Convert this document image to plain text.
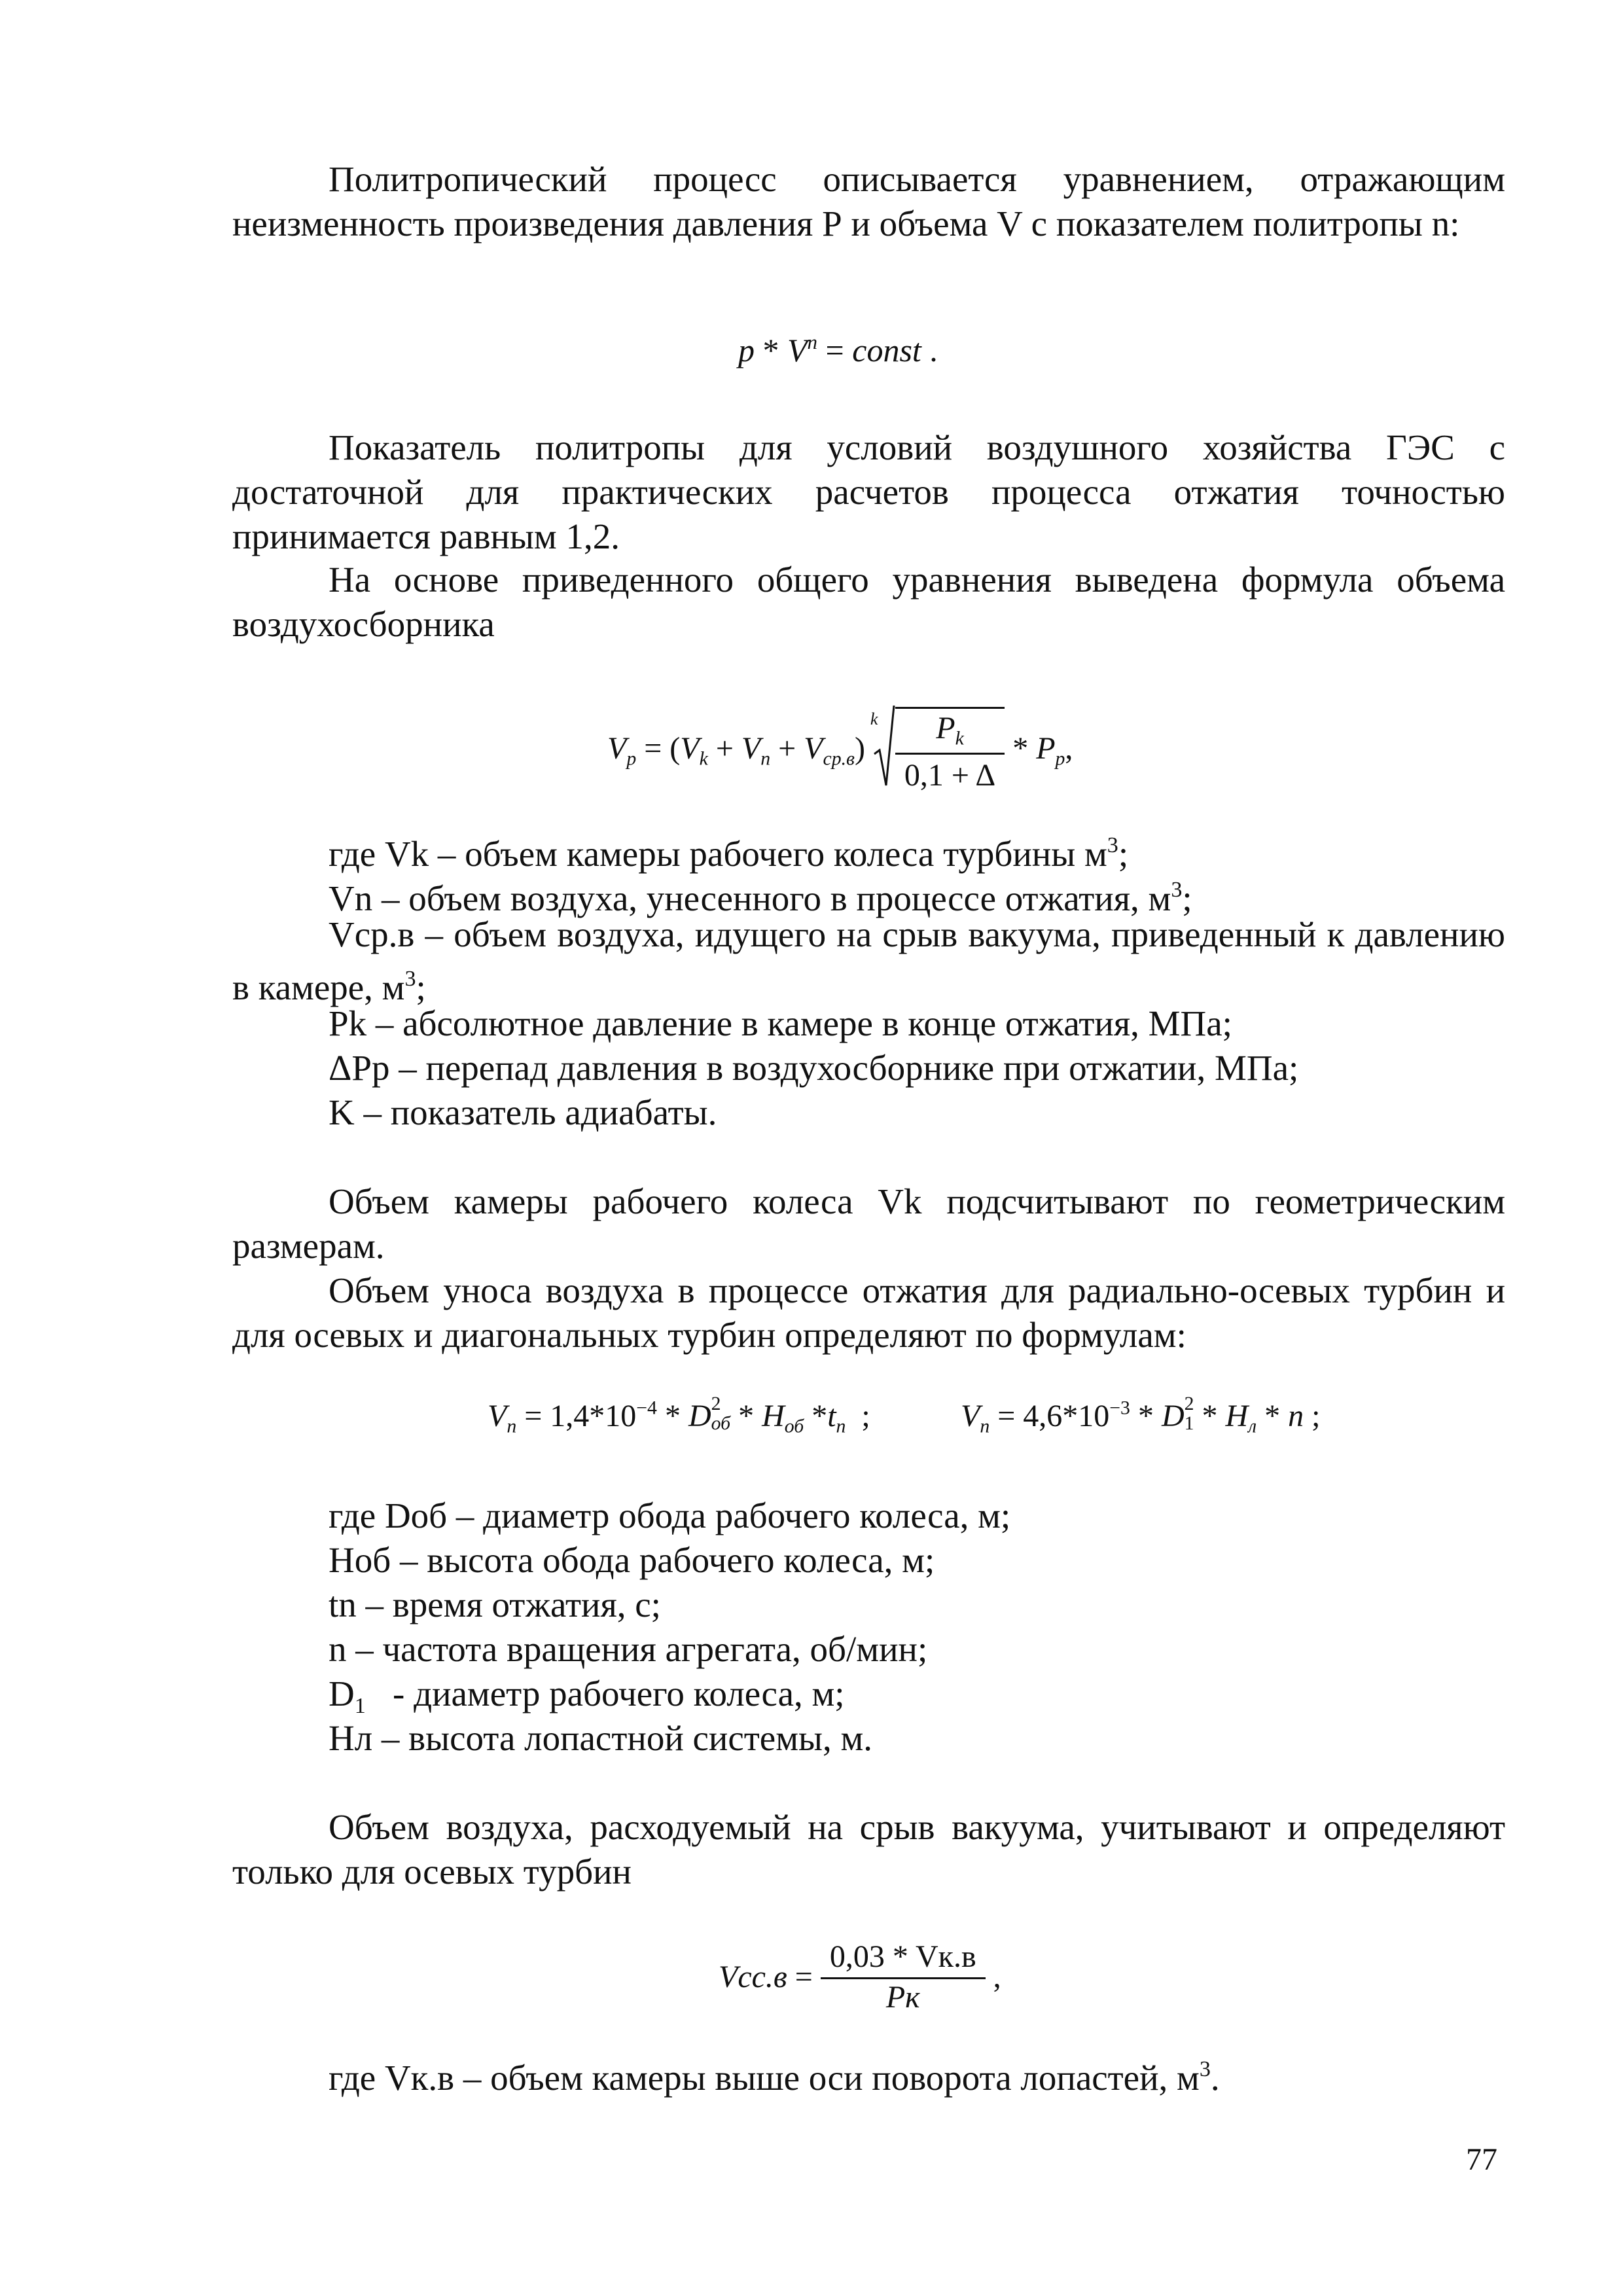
Политропический процесс описывается уравнением, отражающим неизменность произведения давления Р и объема V с показателем политропы n:

p * $V^n$ = const .

Показатель политропы для условий воздушного хозяйства ГЭС с достаточной для практических расчетов процесса отжатия точностью принимается равным 1,2.

На основе приведенного общего уравнения выведена формула объема воздухосборника

$V_p = (V_k + V_n + V_{cp.в})$
k $\frac{P_k}{0,1 + \Delta} * P_p$,
где Vk – объем камеры рабочего колеса турбины $м^3$;
Vn – объем воздуха, унесенного в процессе отжатия, $м^3$;

Vср.в – объем воздуха, идущего на срыв вакуума, приведенный к давлению в камере, $м^3$;

Pk – абсолютное давление в камере в конце отжатия, МПа;
ΔPp – перепад давления в воздухосборнике при отжатии, МПа;
K – показатель адиабаты.

Объем камеры рабочего колеса Vk подсчитывают по геометрическим размерам.

Объем уноса воздуха в процессе отжатия для радиально-осевых турбин и для осевых и диагональных турбин определяют по формулам:

$V_n = 1,4*10^{-4} * D$ 2
об * $H_{об}$ $*t_n$ ;	$V_n = 4,6*10^{-3} * D$ 2
$1 * H_л$ * n ;
где Dоб – диаметр обода рабочего колеса, м;
Hоб – высота обода рабочего колеса, м;
tn – время отжатия, с;
n – частота вращения агрегата, об/мин;
$D_1$   - диаметр рабочего колеса, м;
Нл – высота лопастной системы, м.

Объем воздуха, расходуемый на срыв вакуума, учитывают и определяют только для осевых турбин

$Vcc.в = \frac{0,03 * Vк.в}{Pк}$ ,
где Vк.в – объем камеры выше оси поворота лопастей, $м^3$.
77
